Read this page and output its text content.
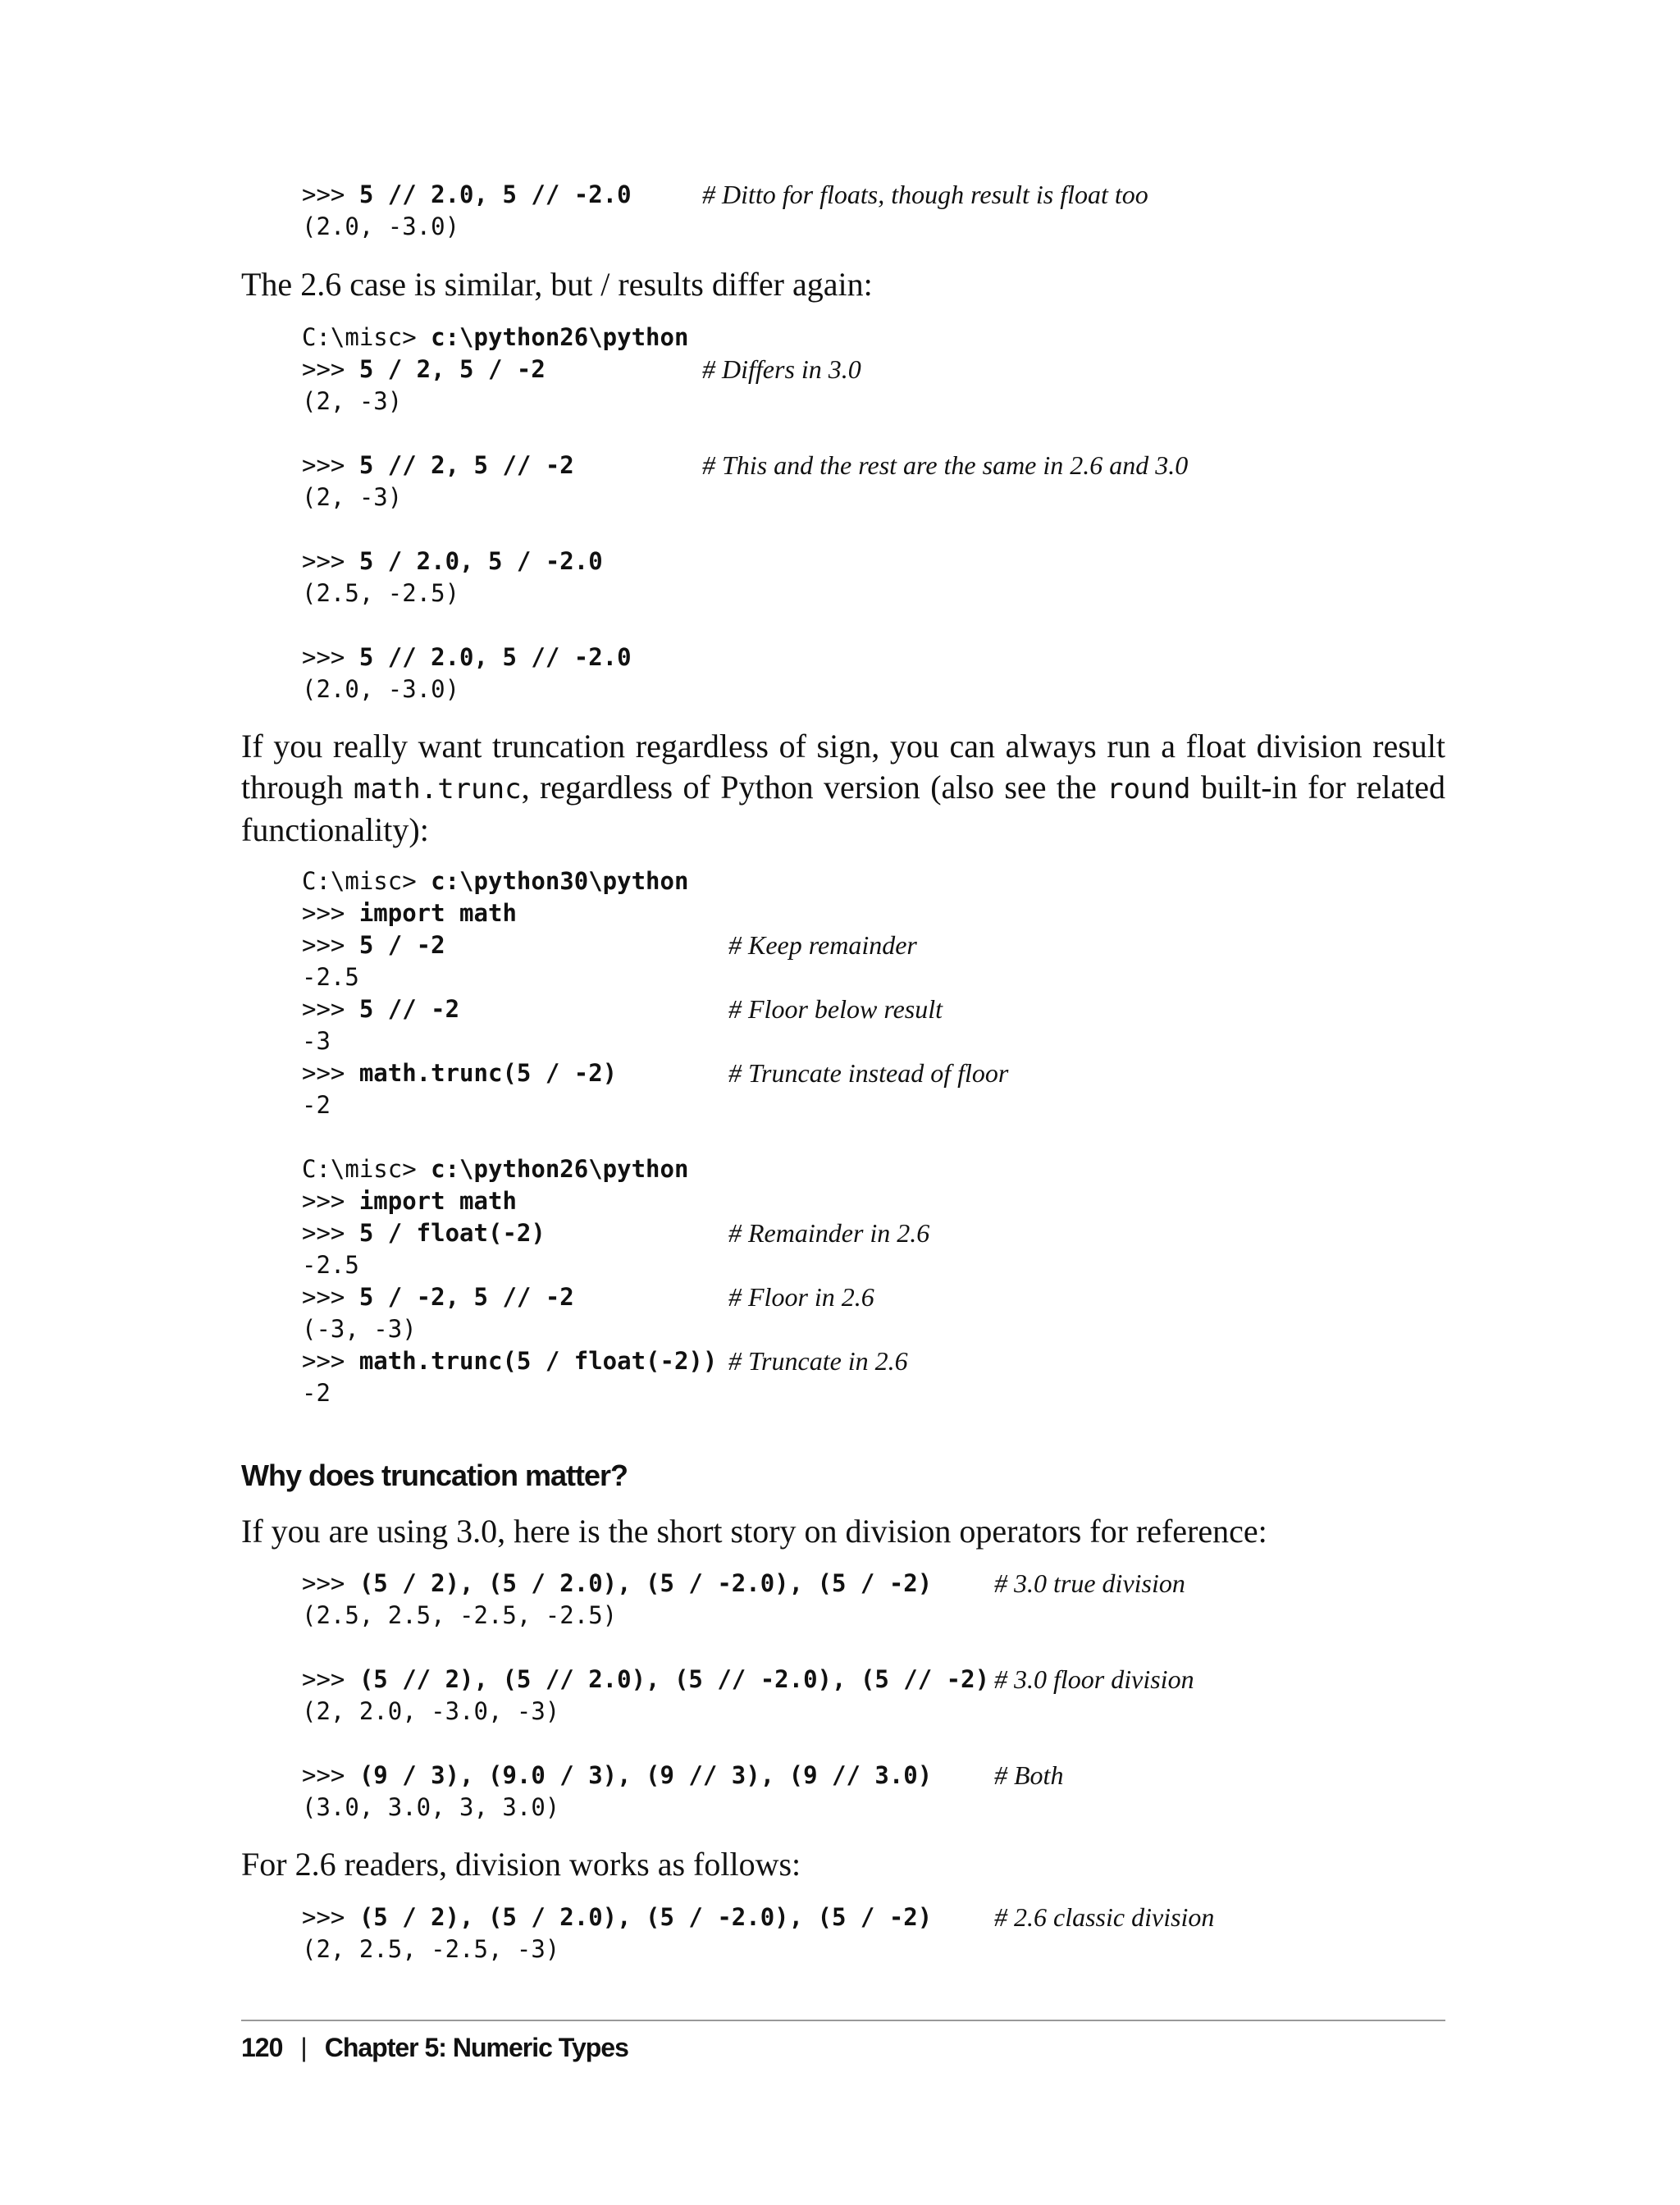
>>> 5 // 2.0, 5 // -2.0	# Ditto for floats, though result is float too
(2.0, -3.0)

The 2.6 case is similar, but / results differ again:

C:\misc> c:\python26\python
>>> 5 / 2, 5 / -2	# Differs in 3.0
(2, -3)
>>> 5 // 2, 5 // -2	# This and the rest are the same in 2.6 and 3.0
(2, -3)
>>> 5 / 2.0, 5 / -2.0
(2.5, -2.5)
>>> 5 // 2.0, 5 // -2.0
(2.0, -3.0)

If you really want truncation regardless of sign, you can always run a float division result through math.trunc, regardless of Python version (also see the round built-in for related functionality):

C:\misc> c:\python30\python
>>> import math
>>> 5 / -2	# Keep remainder
-2.5
>>> 5 // -2	# Floor below result
-3
>>> math.trunc(5 / -2)	# Truncate instead of floor
-2
C:\misc> c:\python26\python
>>> import math
>>> 5 / float(-2)	# Remainder in 2.6
-2.5
>>> 5 / -2, 5 // -2	# Floor in 2.6
(-3, -3)
>>> math.trunc(5 / float(-2)) # Truncate in 2.6
-2
Why does truncation matter?

If you are using 3.0, here is the short story on division operators for reference:

>>> (5 / 2), (5 / 2.0), (5 / -2.0), (5 / -2) # 3.0 true division
(2.5, 2.5, -2.5, -2.5)
>>> (5 // 2), (5 // 2.0), (5 // -2.0), (5 // -2) # 3.0 floor division
(2, 2.0, -3.0, -3)
>>> (9 / 3), (9.0 / 3), (9 // 3), (9 // 3.0) # Both
(3.0, 3.0, 3, 3.0)

For 2.6 readers, division works as follows:

>>> (5 / 2), (5 / 2.0), (5 / -2.0), (5 / -2) # 2.6 classic division
(2, 2.5, -2.5, -3)
120 | Chapter 5: Numeric Types
